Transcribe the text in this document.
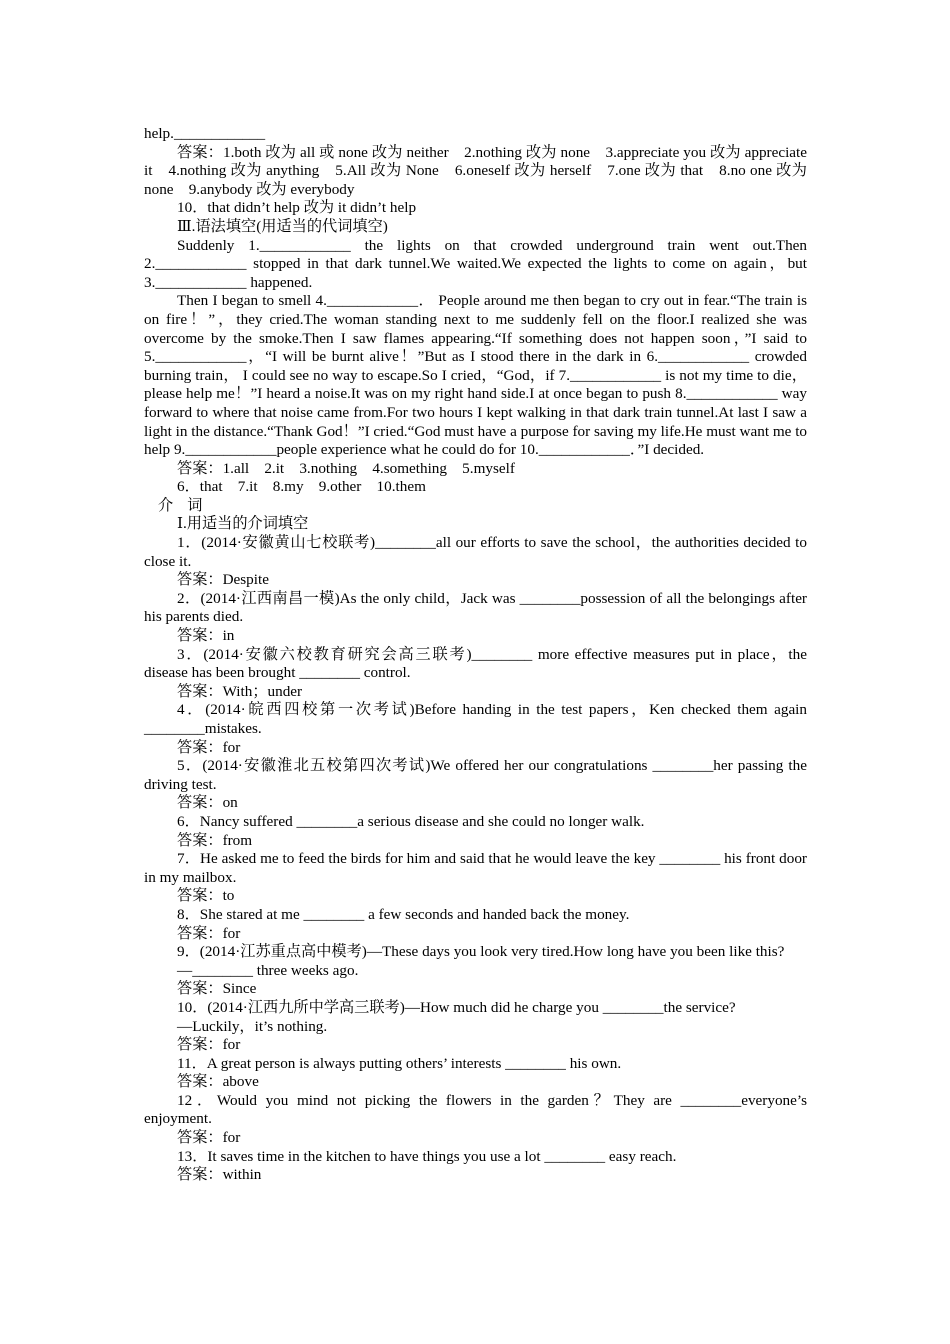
help.____________

答案：1.both 改为 all 或 none 改为 neither　2.nothing 改为 none　3.appreciate you 改为 appreciate it　4.nothing 改为 anything　5.All 改为 None　6.oneself 改为 herself　7.one 改为 that　8.no one 改为 none　9.anybody 改为 everybody

10．that didn’t help 改为 it didn’t help

Ⅲ.语法填空(用适当的代词填空)

Suddenly 1.____________ the lights on that crowded underground train went out.Then 2.____________ stopped in that dark tunnel.We waited.We expected the lights to come on again，but 3.____________ happened.

Then I began to smell 4.____________． People around me then began to cry out in fear.“The train is on fire！”，they cried.The woman standing next to me suddenly fell on the floor.I realized she was overcome by the smoke.Then I saw flames appearing.“If something does not happen soon，”I said to 5.____________，“I will be burnt alive！”But as I stood there in the dark in 6.____________ crowded burning train， I could see no way to escape.So I cried，“God，if 7.____________ is not my time to die，please help me！”I heard a noise.It was on my right hand side.I at once began to push 8.____________ way forward to where that noise came from.For two hours I kept walking in that dark train tunnel.At last I saw a light in the distance.“Thank God！”I cried.“God must have a purpose for saving my life.He must want me to help 9.____________people experience what he could do for 10.____________．”I decided.

答案：1.all　2.it　3.nothing　4.something　5.myself

6．that　7.it　8.my　9.other　10.them

介词

Ⅰ.用适当的介词填空

1．(2014·安徽黄山七校联考)________all our efforts to save the school，the authorities decided to close it.

答案：Despite

2．(2014·江西南昌一模)As the only child，Jack was ________possession of all the belongings after his parents died.

答案：in

3．(2014·安徽六校教育研究会高三联考)________ more effective measures put in place，the disease has been brought ________ control.

答案：With；under

4．(2014·皖西四校第一次考试)Before handing in the test papers，Ken checked them again ________mistakes.

答案：for

5．(2014·安徽淮北五校第四次考试)We offered her our congratulations ________her passing the driving test.

答案：on

6．Nancy suffered ________a serious disease and she could no longer walk.

答案：from

7．He asked me to feed the birds for him and said that he would leave the key ________ his front door in my mailbox.

答案：to

8．She stared at me ________ a few seconds and handed back the money.

答案：for

9．(2014·江苏重点高中模考)—These days you look very tired.How long have you been like this?

—________ three weeks ago.

答案：Since

10．(2014·江西九所中学高三联考)—How much did he charge you ________the service?

—Luckily，it’s nothing.

答案：for

11．A great person is always putting others’ interests ________ his own.

答案：above

12．Would you mind not picking the flowers in the garden？They are ________everyone’s enjoyment.

答案：for

13．It saves time in the kitchen to have things you use a lot ________ easy reach.

答案：within
